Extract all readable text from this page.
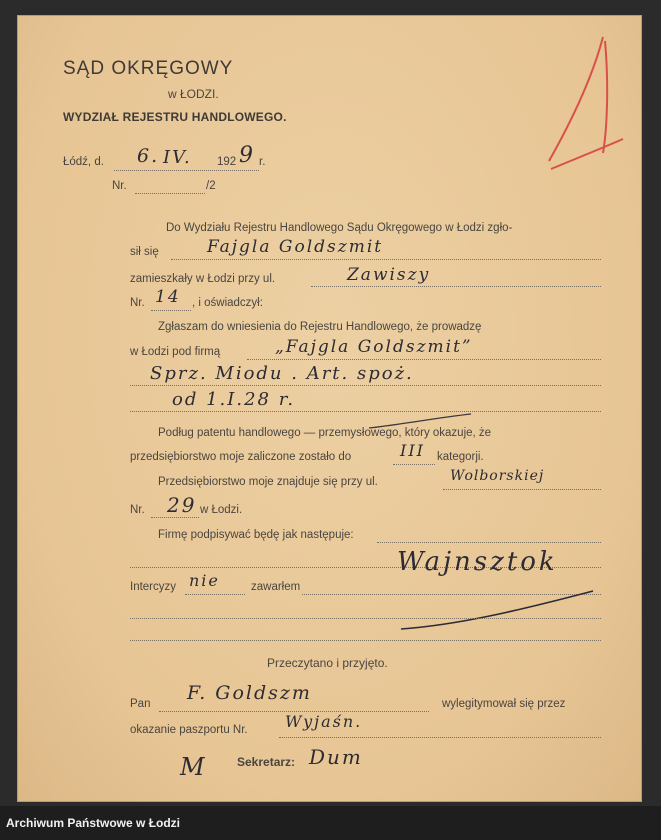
SĄD OKRĘGOWY
w ŁODZI.
WYDZIAŁ REJESTRU HANDLOWEGO.
Łódź, d. 6. IV. 192 9 r.
Nr.	/2
Do Wydziału Rejestru Handlowego Sądu Okręgowego w Łodzi zgło-
sił się	Fajgla Goldszmit
zamieszkały w Łodzi przy ul.	Zawiszy
Nr. 14 , i oświadczył:
Zgłaszam do wniesienia do Rejestru Handlowego, że prowadzę
w Łodzi pod firmą	„Fajgla Goldszmit”
Sprz. Miodu . Art. spoż.
od 1.I.28 r.
Podług patentu handlowego — przemysłowego, który okazuje, że
przedsiębiorstwo moje zaliczone zostało do	III kategorji.
Przedsiębiorstwo moje znajduje się przy ul.	Wolborskiej
Nr. 29 w Łodzi.
Firmę podpisywać będę jak następuje:
Intercyzy nie	zawarłem
Wajnsztok
Przeczytano i przyjęto.
Pan F. Goldszm	wylegitymował się przez
okazanie paszportu Nr. Wyjaśn.
M	Sekretarz: Dum
Archiwum Państwowe w Łodzi
